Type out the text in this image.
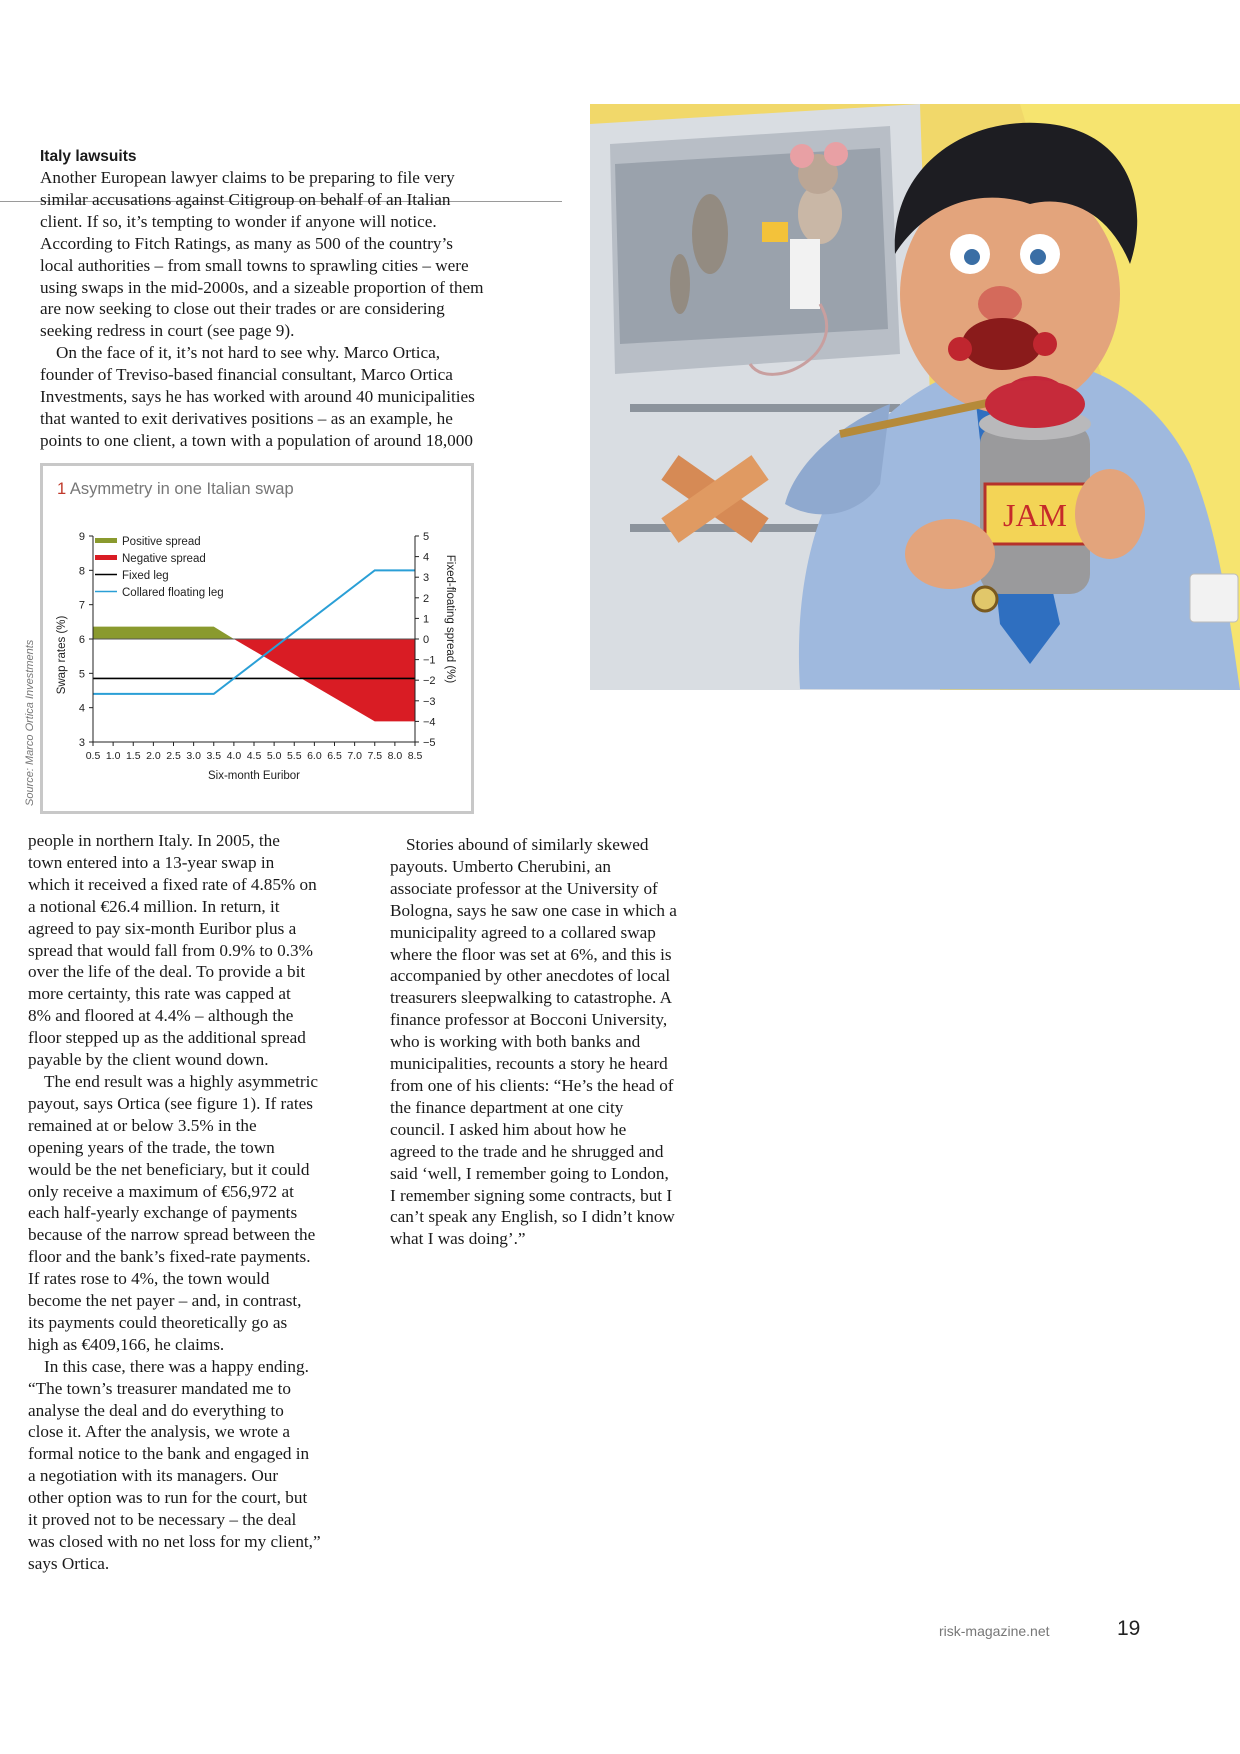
Italy lawsuits
Another European lawyer claims to be preparing to file very
similar accusations against Citigroup on behalf of an Italian
client. If so, it’s tempting to wonder if anyone will notice.
According to Fitch Ratings, as many as 500 of the country’s
local authorities – from small towns to sprawling cities – were
using swaps in the mid-2000s, and a sizeable proportion of them
are now seeking to close out their trades or are considering
seeking redress in court (see page 9).
On the face of it, it’s not hard to see why. Marco Ortica,
founder of Treviso-based financial consultant, Marco Ortica
Investments, says he has worked with around 40 municipalities
that wanted to exit derivatives positions – as an example, he
points to one client, a town with a population of around 18,000
1 Asymmetry in one Italian swap
3
4
5
6
7
8
9	5
4
3
2
1
0
−1
−2
−3
−4
−5
0.5 1.0 1.5 2.0 2.5 3.0 3.5 4.0 4.5 5.0 5.5 6.0 6.5 7.0 7.5 8.0 8.5
Six-month Euribor
Swap rates (%)	Fixed-floating spread (%)
Positive spread
Negative spread
Fixed leg
Collared floating leg
Source: Marco Ortica Investments
JAM
people in northern Italy. In 2005, the
town entered into a 13-year swap in
which it received a fixed rate of 4.85% on
a notional €26.4 million. In return, it
agreed to pay six-month Euribor plus a
spread that would fall from 0.9% to 0.3%
over the life of the deal. To provide a bit
more certainty, this rate was capped at
8% and floored at 4.4% – although the
floor stepped up as the additional spread
payable by the client wound down.
The end result was a highly asymmetric
payout, says Ortica (see figure 1). If rates
remained at or below 3.5% in the
opening years of the trade, the town
would be the net beneficiary, but it could
only receive a maximum of €56,972 at
each half-yearly exchange of payments
because of the narrow spread between the
floor and the bank’s fixed-rate payments.
If rates rose to 4%, the town would
become the net payer – and, in contrast,
its payments could theoretically go as
high as €409,166, he claims.
In this case, there was a happy ending.
“The town’s treasurer mandated me to
analyse the deal and do everything to
close it. After the analysis, we wrote a
formal notice to the bank and engaged in
a negotiation with its managers. Our
other option was to run for the court, but
it proved not to be necessary – the deal
was closed with no net loss for my client,”
says Ortica.
Stories abound of similarly skewed
payouts. Umberto Cherubini, an
associate professor at the University of
Bologna, says he saw one case in which a
municipality agreed to a collared swap
where the floor was set at 6%, and this is
accompanied by other anecdotes of local
treasurers sleepwalking to catastrophe. A
finance professor at Bocconi University,
who is working with both banks and
municipalities, recounts a story he heard
from one of his clients: “He’s the head of
the finance department at one city
council. I asked him about how he
agreed to the trade and he shrugged and
said ‘well, I remember going to London,
I remember signing some contracts, but I
can’t speak any English, so I didn’t know
what I was doing’.”
risk-magazine.net	19
